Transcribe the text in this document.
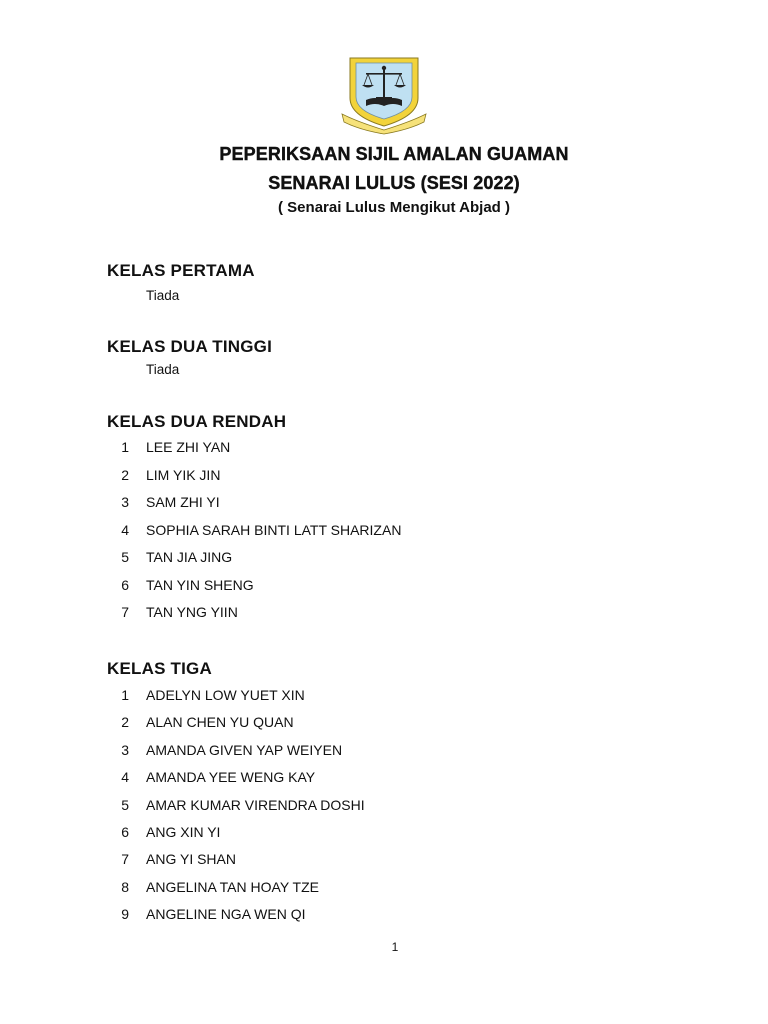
PEPERIKSAAN SIJIL AMALAN GUAMAN
SENARAI LULUS (SESI 2022)
( Senarai Lulus Mengikut Abjad )
KELAS PERTAMA
Tiada
KELAS DUA TINGGI
Tiada
KELAS DUA RENDAH
1 LEE ZHI YAN
2 LIM YIK JIN
3 SAM ZHI YI
4 SOPHIA SARAH BINTI LATT SHARIZAN
5 TAN JIA JING
6 TAN YIN SHENG
7 TAN YNG YIIN
KELAS TIGA
1 ADELYN LOW YUET XIN
2 ALAN CHEN YU QUAN
3 AMANDA GIVEN YAP WEIYEN
4 AMANDA YEE WENG KAY
5 AMAR KUMAR VIRENDRA DOSHI
6 ANG XIN YI
7 ANG YI SHAN
8 ANGELINA TAN HOAY TZE
9 ANGELINE NGA WEN QI
1
